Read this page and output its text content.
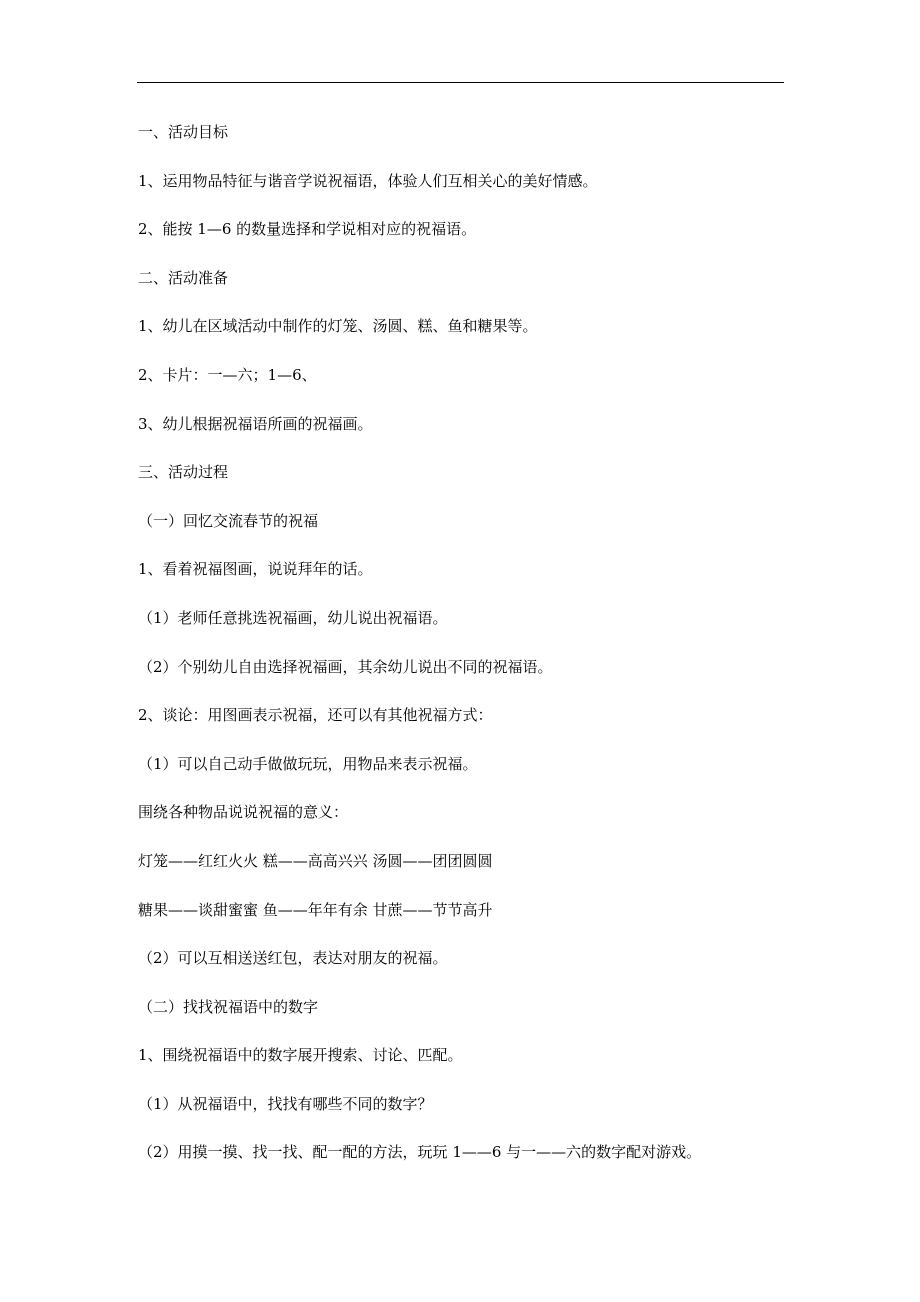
一、活动目标

1、运用物品特征与谐音学说祝福语，体验人们互相关心的美好情感。

2、能按 1—6 的数量选择和学说相对应的祝福语。

二、活动准备

1、幼儿在区域活动中制作的灯笼、汤圆、糕、鱼和糖果等。

2、卡片：一—六；1—6、

3、幼儿根据祝福语所画的祝福画。

三、活动过程

（一）回忆交流春节的祝福

1、看着祝福图画，说说拜年的话。

（1）老师任意挑选祝福画，幼儿说出祝福语。

（2）个别幼儿自由选择祝福画，其余幼儿说出不同的祝福语。

2、谈论：用图画表示祝福，还可以有其他祝福方式：

（1）可以自己动手做做玩玩，用物品来表示祝福。

围绕各种物品说说祝福的意义：

灯笼——红红火火 糕——高高兴兴 汤圆——团团圆圆

糖果——谈甜蜜蜜 鱼——年年有余 甘蔗——节节高升

（2）可以互相送送红包，表达对朋友的祝福。

（二）找找祝福语中的数字

1、围绕祝福语中的数字展开搜索、讨论、匹配。

（1）从祝福语中，找找有哪些不同的数字？

（2）用摸一摸、找一找、配一配的方法，玩玩 1——6 与一——六的数字配对游戏。
